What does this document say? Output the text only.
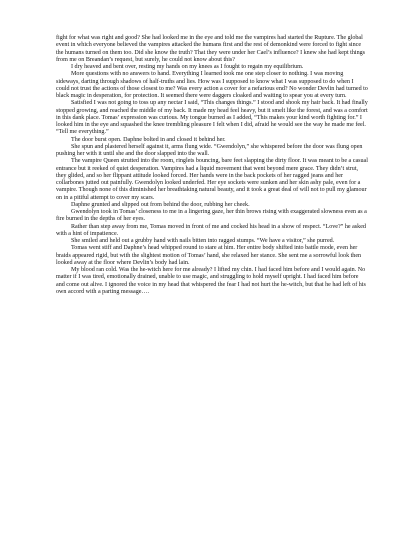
fight for what was right and good? She had looked me in the eye and told me the vampires had started the Rupture. The global event in which everyone believed the vampires attacked the humans first and the rest of demonkind were forced to fight since the humans turned on them too. Did she know the truth? That they were under her Cael’s influence? I knew she had kept things from me on Breandan’s request, but surely, he could not know about this?

I dry heaved and bent over, resting my hands on my knees as I fought to regain my equilibrium.

More questions with no answers to hand. Everything I learned took me one step closer to nothing. I was moving sideways, darting through shadows of half-truths and lies. How was I supposed to know what I was supposed to do when I could not trust the actions of those closest to me? Was every action a cover for a nefarious end? No wonder Devlin had turned to black magic in desperation, for protection. It seemed there were daggers cloaked and waiting to spear you at every turn.

Satisfied I was not going to toss up any nectar I said, “This changes things.” I stood and shook my hair back. It had finally stopped growing, and reached the middle of my back. It made my head feel heavy, but it smelt like the forest, and was a comfort in this dank place. Tomas’ expression was curious. My tongue burned as I added, “This makes your kind worth fighting for.” I looked him in the eye and squashed the knee trembling pleasure I felt when I did, afraid he would see the way he made me feel. “Tell me everything.”

The door burst open. Daphne bolted in and closed it behind her.

She spun and plastered herself against it, arms flung wide. “Gwendolyn,” she whispered before the door was flung open pushing her with it until she and the door slapped into the wall.

The vampire Queen strutted into the room, ringlets bouncing, bare feet slapping the dirty floor. It was meant to be a casual entrance but it reeked of quiet desperation. Vampires had a liquid movement that went beyond mere grace. They didn’t strut, they glided, and so her flippant attitude looked forced. Her hands were in the back pockets of her ragged jeans and her collarbones jutted out painfully. Gwendolyn looked underfed. Her eye sockets were sunken and her skin ashy pale, even for a vampire. Though none of this diminished her breathtaking natural beauty, and it took a great deal of will not to pull my glamour on in a pitiful attempt to cover my scars.

Daphne grunted and slipped out from behind the door, rubbing her cheek.

Gwendolyn took in Tomas’ closeness to me in a lingering gaze, her thin brows rising with exaggerated slowness even as a fire burned in the depths of her eyes.

Rather than step away from me, Tomas moved in front of me and cocked his head in a show of respect. “Love?” he asked with a hint of impatience.

She smiled and held out a grubby hand with nails bitten into ragged stumps. “We have a visitor,” she purred.

Tomas went stiff and Daphne’s head whipped round to stare at him. Her entire body shifted into battle mode, even her braids appeared rigid, but with the slightest motion of Tomas’ hand, she relaxed her stance. She sent me a sorrowful look then looked away at the floor where Devlin’s body had lain.

My blood ran cold. Was the he-witch here for me already? I lifted my chin. I had faced him before and I would again. No matter if I was tired, emotionally drained, unable to use magic, and struggling to hold myself upright. I had faced him before and come out alive. I ignored the voice in my head that whispered the fear I had not hurt the he-witch, but that he had left of his own accord with a parting message….
